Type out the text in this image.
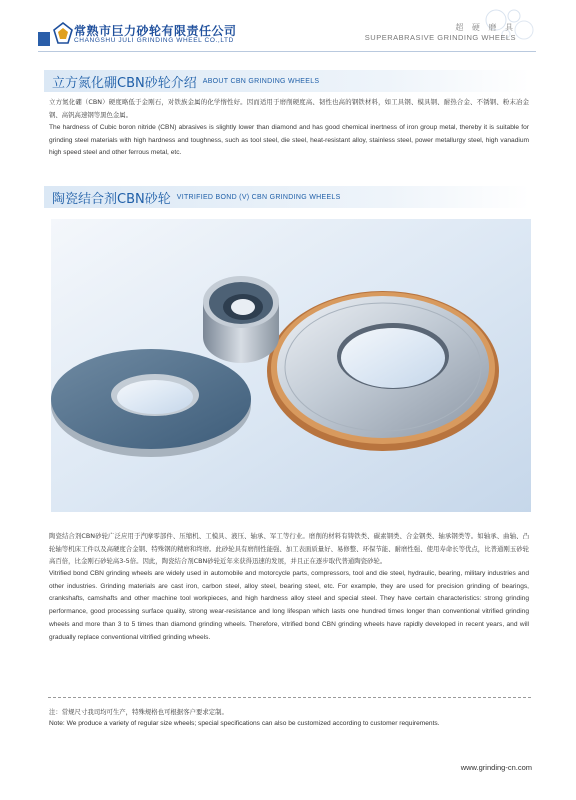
常熟市巨力砂轮有限责任公司
CHANGSHU JULI GRINDING WHEEL CO.,LTD
超 硬 磨 具
SUPERABRASIVE GRINDING WHEELS
立方氮化硼CBN砂轮介绍 ABOUT CBN GRINDING WHEELS

立方氮化硼（CBN）硬度略低于金刚石，对铁族金属的化学惰性好。因而适用于磨削硬度高、韧性也高的钢铁材料，如工具钢、模具钢、耐热合金、不锈钢、粉末冶金钢、高钒高速钢等黑色金属。

The hardness of Cubic boron nitride (CBN) abrasives is slightly lower than diamond and has good chemical inertness of iron group metal, thereby it is suitable for grinding steel materials with high hardness and toughness, such as tool steel, die steel, heat-resistant alloy, stainless steel, power metallurgy steel, high vanadium high speed steel and other ferrous metal, etc.

陶瓷结合剂CBN砂轮 VITRIFIED BOND (V) CBN GRINDING WHEELS

陶瓷结合剂CBN砂轮广泛应用于汽摩零部件、压缩机、工模具、液压、轴承、军工等行业。磨削的材料有铸铁类、碳素钢类、合金钢类、轴承钢类等。如轴承、曲轴、凸轮轴等机床工件以及高硬度合金钢、特殊钢的精磨和终磨。此砂轮具有磨削性能强、加工表面质量好、易修整、环保节能、耐磨性强、使用寿命长等优点，比普通刚玉砂轮高百倍，比金刚石砂轮高3-5倍。因此，陶瓷结合剂CBN砂轮近年来获得迅速的发展，并且正在逐步取代普通陶瓷砂轮。

Vitrified bond CBN grinding wheels are widely used in automobile and motorcycle parts, compressors, tool and die steel, hydraulic, bearing, military industries and other industries. Grinding materials are cast iron, carbon steel, alloy steel, bearing steel, etc. For example, they are used for precision grinding of bearings, crankshafts, camshafts and other machine tool workpieces, and high hardness alloy steel and special steel. They have certain characteristics: strong grinding performance, good processing surface quality, strong wear-resistance and long lifespan which lasts one hundred times longer than conventional vitrified grinding wheels and more than 3 to 5 times than diamond grinding wheels. Therefore, vitrified bond CBN grinding wheels have rapidly developed in recent years, and will gradually replace conventional vitrified grinding wheels.

注：常规尺寸我司均可生产，特殊规格也可根据客户要求定制。
Note: We produce a variety of regular size wheels; special specifications can also be customized according to customer requirements.
www.grinding-cn.com
